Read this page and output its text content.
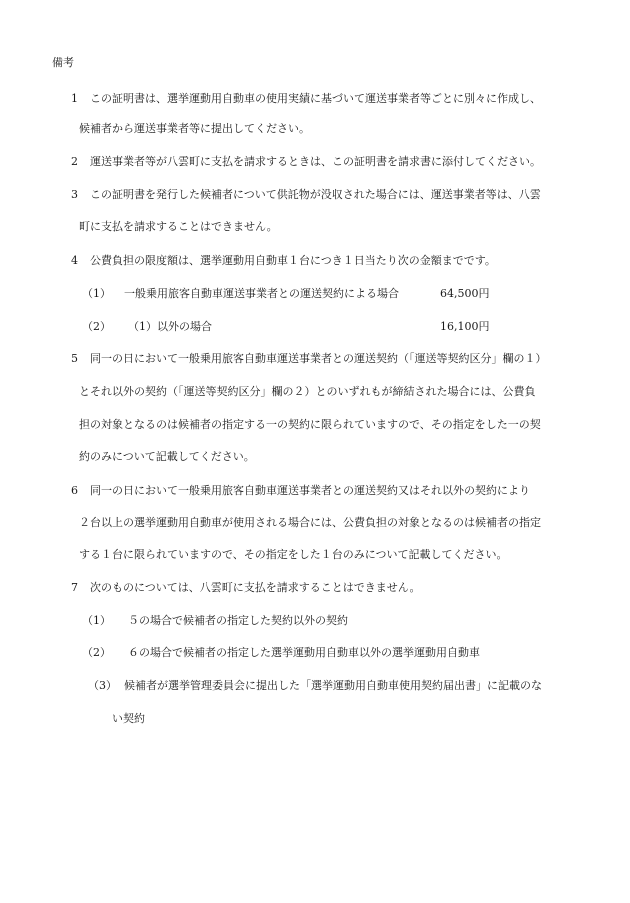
備考
1 この証明書は、選挙運動用自動車の使用実績に基づいて運送事業者等ごとに別々に作成し、
候補者から運送事業者等に提出してください。
2 運送事業者等が八雲町に支払を請求するときは、この証明書を請求書に添付してください。
3 この証明書を発行した候補者について供託物が没収された場合には、運送事業者等は、八雲
町に支払を請求することはできません。
4 公費負担の限度額は、選挙運動用自動車１台につき１日当たり次の金額までです。
（1） 一般乗用旅客自動車運送事業者との運送契約による場合	64,500円
（2） （1）以外の場合	16,100円
5 同一の日において一般乗用旅客自動車運送事業者との運送契約（「運送等契約区分」欄の１）
とそれ以外の契約（「運送等契約区分」欄の２）とのいずれもが締結された場合には、公費負
担の対象となるのは候補者の指定する一の契約に限られていますので、その指定をした一の契
約のみについて記載してください。
6 同一の日において一般乗用旅客自動車運送事業者との運送契約又はそれ以外の契約により
２台以上の選挙運動用自動車が使用される場合には、公費負担の対象となるのは候補者の指定
する１台に限られていますので、その指定をした１台のみについて記載してください。
7 次のものについては、八雲町に支払を請求することはできません。
（1） ５の場合で候補者の指定した契約以外の契約
（2） ６の場合で候補者の指定した選挙運動用自動車以外の選挙運動用自動車
（3） 候補者が選挙管理委員会に提出した「選挙運動用自動車使用契約届出書」に記載のな
い契約
